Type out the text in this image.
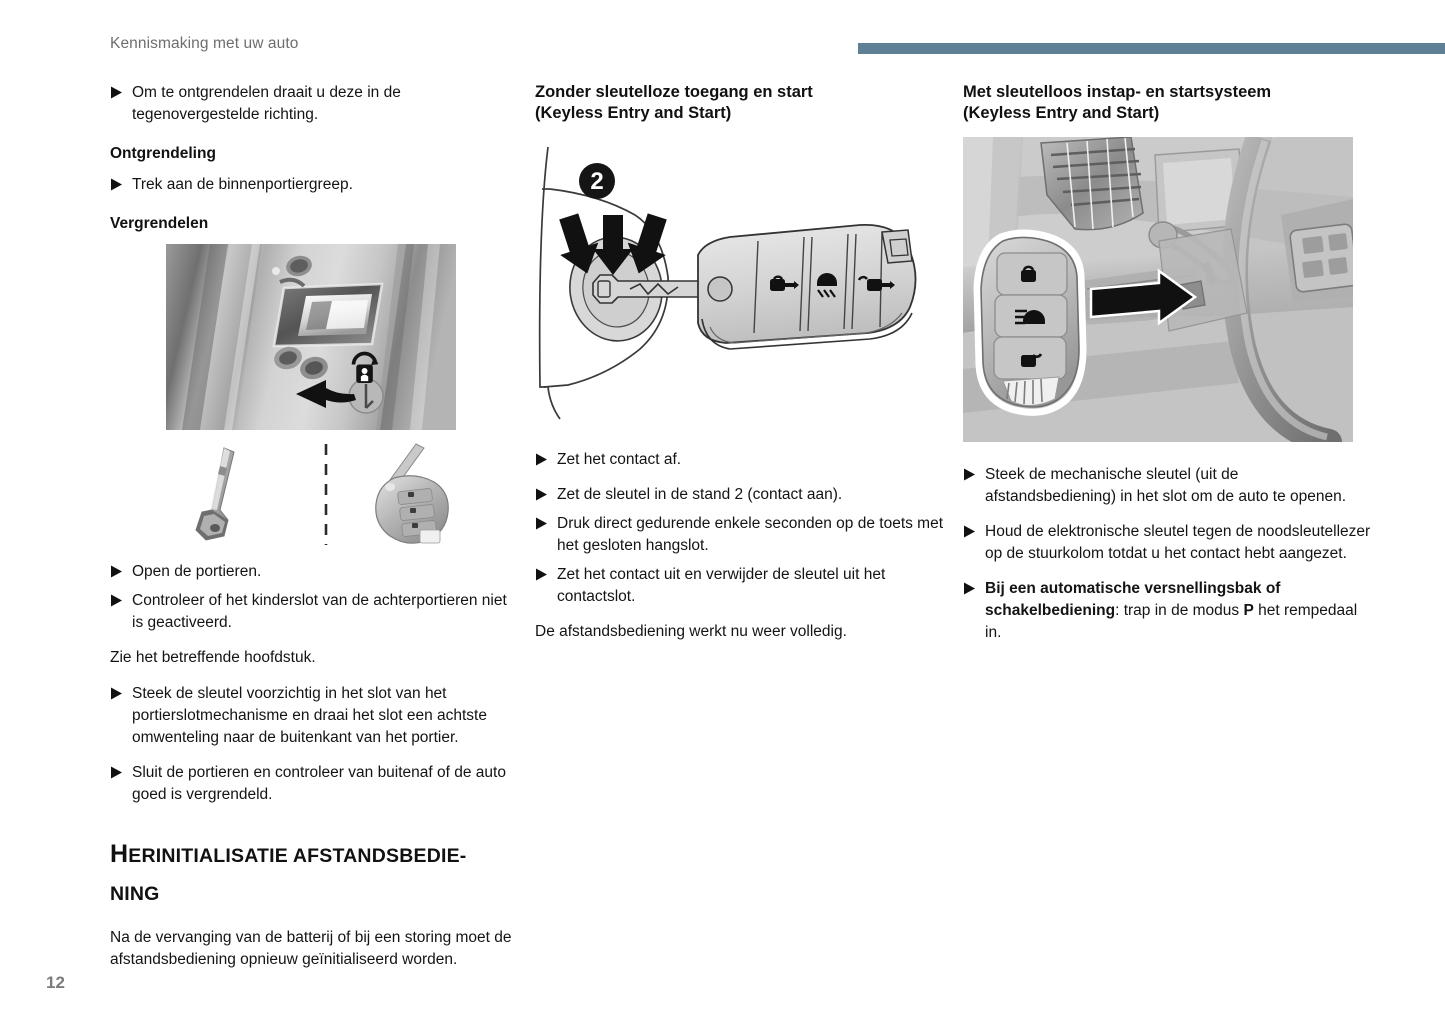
Kennismaking met uw auto
Om te ontgrendelen draait u deze in de tegenovergestelde richting.
Ontgrendeling
Trek aan de binnenportiergreep.
Vergrendelen
Open de portieren.
Controleer of het kinderslot van de achterportieren niet is geactiveerd.

Zie het betreffende hoofdstuk.

Steek de sleutel voorzichtig in het slot van het portierslotmechanisme en draai het slot een achtste omwenteling naar de buitenkant van het portier.
Sluit de portieren en controleer van buitenaf of de auto goed is vergrendeld.
HERINITIALISATIE AFSTANDSBEDIE-
NING

Na de vervanging van de batterij of bij een storing moet de afstandsbediening opnieuw geïnitialiseerd worden.

Zonder sleutelloze toegang en start
(Keyless Entry and Start)
2
Zet het contact af.
Zet de sleutel in de stand 2 (contact aan).
Druk direct gedurende enkele seconden op de toets met het gesloten hangslot.
Zet het contact uit en verwijder de sleutel uit het contactslot.

De afstandsbediening werkt nu weer volledig.

Met sleutelloos instap- en startsysteem
(Keyless Entry and Start)
Steek de mechanische sleutel (uit de afstandsbediening) in het slot om de auto te openen.
Houd de elektronische sleutel tegen de noodsleutellezer op de stuurkolom totdat u het contact hebt aangezet.
Bij een automatische versnellingsbak of schakelbediening: trap in de modus P het rempedaal in.
12
